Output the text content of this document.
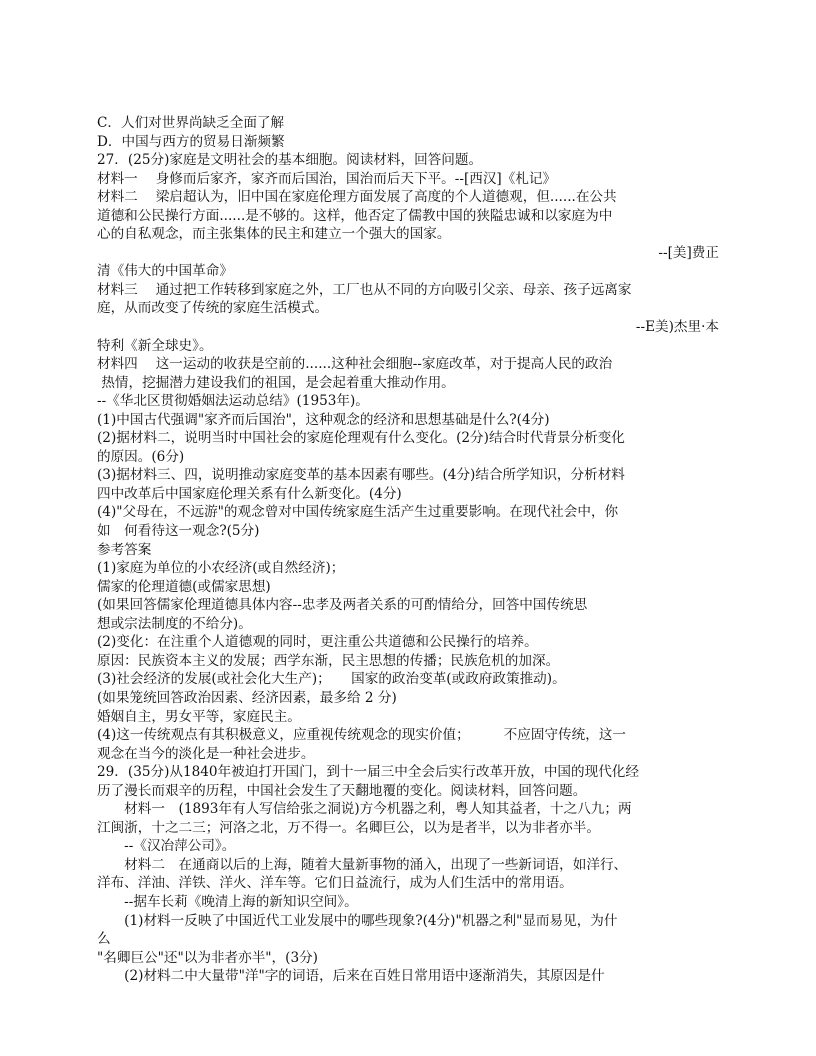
C．人们对世界尚缺乏全面了解
D．中国与西方的贸易日渐频繁
27．(25分)家庭是文明社会的基本细胞。阅读材料，回答问题。
材料一　 身修而后家齐，家齐而后国治，国治而后天下平。--[西汉]《札记》
材料二　 梁启超认为，旧中国在家庭伦理方面发展了高度的个人道德观，但......在公共
道德和公民操行方面......是不够的。这样，他否定了儒教中国的狭隘忠诚和以家庭为中
心的自私观念，而主张集体的民主和建立一个强大的国家。
--[美]费正
清《伟大的中国革命》
材料三　 通过把工作转移到家庭之外，工厂也从不同的方向吸引父亲、母亲、孩子远离家
庭，从而改变了传统的家庭生活模式。
--E美)杰里·本
特利《新全球史》。
材料四　 这一运动的收获是空前的......这种社会细胞--家庭改革，对于提高人民的政治
热情，挖掘潜力建设我们的祖国，是会起着重大推动作用。
--《华北区贯彻婚姻法运动总结》(1953年)。
(1)中国古代强调"家齐而后国治"，这种观念的经济和思想基础是什么?(4分)
(2)据材料二，说明当时中国社会的家庭伦理观有什么变化。(2分)结合时代背景分析变化
的原因。(6分)
(3)据材料三、四，说明推动家庭变革的基本因素有哪些。(4分)结合所学知识，分析材料
四中改革后中国家庭伦理关系有什么新变化。(4分)
(4)"父母在，不远游"的观念曾对中国传统家庭生活产生过重要影响。在现代社会中，你
如　何看待这一观念?(5分)
参考答案
(1)家庭为单位的小农经济(或自然经济)；
儒家的伦理道德(或儒家思想)
(如果回答儒家伦理道德具体内容--忠孝及两者关系的可酌情给分，回答中国传统思
想或宗法制度的不给分)。
(2)变化：在注重个人道德观的同时，更注重公共道德和公民操行的培养。
原因：民族资本主义的发展；西学东渐，民主思想的传播；民族危机的加深。
(3)社会经济的发展(或社会化大生产)；　　国家的政治变革(或政府政策推动)。
(如果笼统回答政治因素、经济因素，最多给 2 分)
婚姻自主，男女平等，家庭民主。
(4)这一传统观点有其积极意义，应重视传统观念的现实价值；　　　不应固守传统，这一
观念在当今的淡化是一种社会进步。
29．(35分)从1840年被迫打开国门，到十一届三中全会后实行改革开放，中国的现代化经
历了漫长而艰辛的历程，中国社会发生了天翻地覆的变化。阅读材料，回答问题。
　　材料一　(1893年有人写信给张之洞说)方今机器之利，粤人知其益者，十之八九；两
江闽浙，十之二三；河洛之北，万不得一。名卿巨公，以为是者半，以为非者亦半。
　　--《汉冶萍公司》。
　　材料二　在通商以后的上海，随着大量新事物的涌入，出现了一些新词语，如洋行、
洋布、洋油、洋铁、洋火、洋车等。它们日益流行，成为人们生活中的常用语。
　　--据车长莉《晚清上海的新知识空间》。
　　(1)材料一反映了中国近代工业发展中的哪些现象?(4分)"机器之利"显而易见，为什
么
"名卿巨公"还"以为非者亦半"，(3分)
　　(2)材料二中大量带"洋"字的词语，后来在百姓日常用语中逐渐消失，其原因是什
